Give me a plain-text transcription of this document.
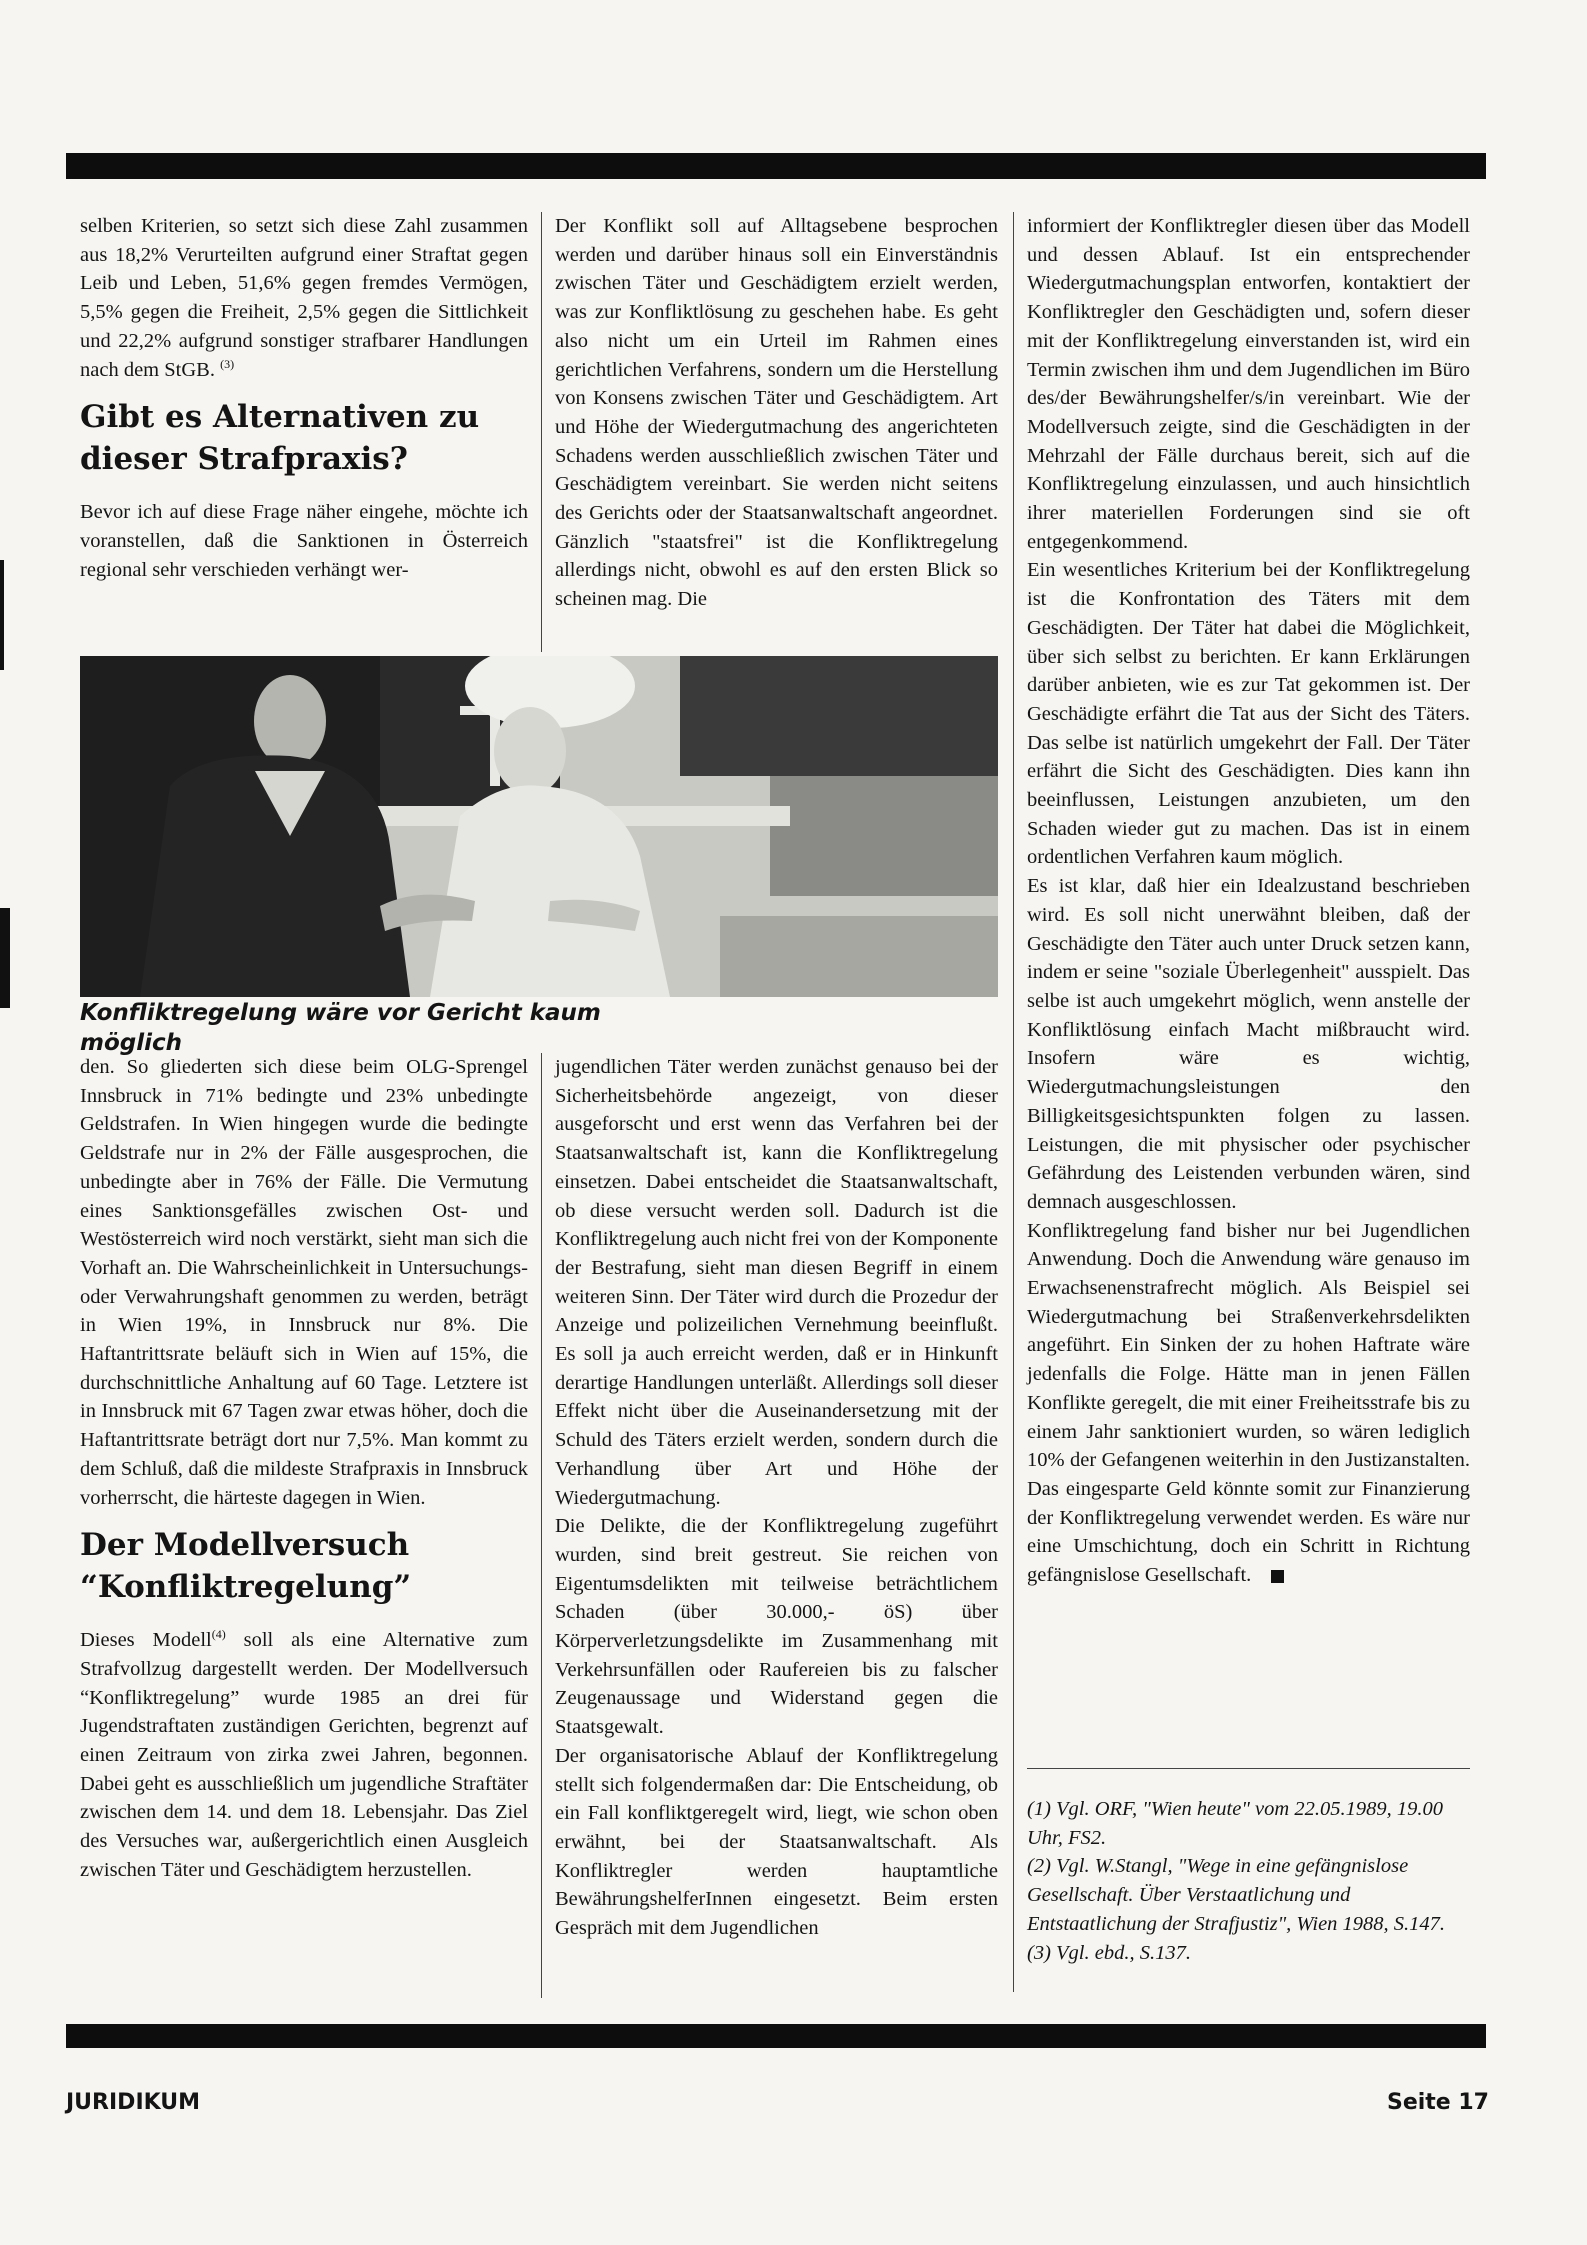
selben Kriterien, so setzt sich diese Zahl zusammen aus 18,2% Verurteilten aufgrund einer Straftat gegen Leib und Leben, 51,6% gegen fremdes Vermögen, 5,5% gegen die Freiheit, 2,5% gegen die Sittlichkeit und 22,2% aufgrund sonstiger strafbarer Handlungen nach dem StGB. $^{(3)}$

Gibt es Alternativen zu dieser Strafpraxis?

Bevor ich auf diese Frage näher eingehe, möchte ich voranstellen, daß die Sanktionen in Österreich regional sehr verschieden verhängt wer-

Der Konflikt soll auf Alltagsebene besprochen werden und darüber hinaus soll ein Einverständnis zwischen Täter und Geschädigtem erzielt werden, was zur Konfliktlösung zu geschehen habe. Es geht also nicht um ein Urteil im Rahmen eines gerichtlichen Verfahrens, sondern um die Herstellung von Konsens zwischen Täter und Geschädigtem. Art und Höhe der Wiedergutmachung des angerichteten Schadens werden ausschließlich zwischen Täter und Geschädigtem vereinbart. Sie werden nicht seitens des Gerichts oder der Staatsanwaltschaft angeordnet. Gänzlich "staatsfrei" ist die Konfliktregelung allerdings nicht, obwohl es auf den ersten Blick so scheinen mag. Die

informiert der Konfliktregler diesen über das Modell und dessen Ablauf. Ist ein entsprechender Wiedergutmachungsplan entworfen, kontaktiert der Konfliktregler den Geschädigten und, sofern dieser mit der Konfliktregelung einverstanden ist, wird ein Termin zwischen ihm und dem Jugendlichen im Büro des/der Bewährungshelfer/s/in vereinbart. Wie der Modellversuch zeigte, sind die Geschädigten in der Mehrzahl der Fälle durchaus bereit, sich auf die Konfliktregelung einzulassen, und auch hinsichtlich ihrer materiellen Forderungen sind sie oft entgegenkommend.

Ein wesentliches Kriterium bei der Konfliktregelung ist die Konfrontation des Täters mit dem Geschädigten. Der Täter hat dabei die Möglichkeit, über sich selbst zu berichten. Er kann Erklärungen darüber anbieten, wie es zur Tat gekommen ist. Der Geschädigte erfährt die Tat aus der Sicht des Täters. Das selbe ist natürlich umgekehrt der Fall. Der Täter erfährt die Sicht des Geschädigten. Dies kann ihn beeinflussen, Leistungen anzubieten, um den Schaden wieder gut zu machen. Das ist in einem ordentlichen Verfahren kaum möglich.

Es ist klar, daß hier ein Idealzustand beschrieben wird. Es soll nicht unerwähnt bleiben, daß der Geschädigte den Täter auch unter Druck setzen kann, indem er seine "soziale Überlegenheit" ausspielt. Das selbe ist auch umgekehrt möglich, wenn anstelle der Konfliktlösung einfach Macht mißbraucht wird. Insofern wäre es wichtig, Wiedergutmachungsleistungen den Billigkeitsgesichtspunkten folgen zu lassen. Leistungen, die mit physischer oder psychischer Gefährdung des Leistenden verbunden wären, sind demnach ausgeschlossen.

Konfliktregelung fand bisher nur bei Jugendlichen Anwendung. Doch die Anwendung wäre genauso im Erwachsenenstrafrecht möglich. Als Beispiel sei Wiedergutmachung bei Straßenverkehrsdelikten angeführt. Ein Sinken der zu hohen Haftrate wäre jedenfalls die Folge. Hätte man in jenen Fällen Konflikte geregelt, die mit einer Freiheitsstrafe bis zu einem Jahr sanktioniert wurden, so wären lediglich 10% der Gefangenen weiterhin in den Justizanstalten. Das eingesparte Geld könnte somit zur Finanzierung der Konfliktregelung verwendet werden. Es wäre nur eine Umschichtung, doch ein Schritt in Richtung gefängnislose Gesellschaft.

Konfliktregelung wäre vor Gericht kaum möglich

den. So gliederten sich diese beim OLG-Sprengel Innsbruck in 71% bedingte und 23% unbedingte Geldstrafen. In Wien hingegen wurde die bedingte Geldstrafe nur in 2% der Fälle ausgesprochen, die unbedingte aber in 76% der Fälle. Die Vermutung eines Sanktionsgefälles zwischen Ost- und Westösterreich wird noch verstärkt, sieht man sich die Vorhaft an. Die Wahrscheinlichkeit in Untersuchungs- oder Verwahrungshaft genommen zu werden, beträgt in Wien 19%, in Innsbruck nur 8%. Die Haftantrittsrate beläuft sich in Wien auf 15%, die durchschnittliche Anhaltung auf 60 Tage. Letztere ist in Innsbruck mit 67 Tagen zwar etwas höher, doch die Haftantrittsrate beträgt dort nur 7,5%. Man kommt zu dem Schluß, daß die mildeste Strafpraxis in Innsbruck vorherrscht, die härteste dagegen in Wien.

Der Modellversuch “Konfliktregelung”

Dieses Modell$^{(4)}$ soll als eine Alternative zum Strafvollzug dargestellt werden. Der Modellversuch “Konfliktregelung” wurde 1985 an drei für Jugendstraftaten zuständigen Gerichten, begrenzt auf einen Zeitraum von zirka zwei Jahren, begonnen. Dabei geht es ausschließlich um jugendliche Straftäter zwischen dem 14. und dem 18. Lebensjahr. Das Ziel des Versuches war, außergerichtlich einen Ausgleich zwischen Täter und Geschädigtem herzustellen.

jugendlichen Täter werden zunächst genauso bei der Sicherheitsbehörde angezeigt, von dieser ausgeforscht und erst wenn das Verfahren bei der Staatsanwaltschaft ist, kann die Konfliktregelung einsetzen. Dabei entscheidet die Staatsanwaltschaft, ob diese versucht werden soll. Dadurch ist die Konfliktregelung auch nicht frei von der Komponente der Bestrafung, sieht man diesen Begriff in einem weiteren Sinn. Der Täter wird durch die Prozedur der Anzeige und polizeilichen Vernehmung beeinflußt. Es soll ja auch erreicht werden, daß er in Hinkunft derartige Handlungen unterläßt. Allerdings soll dieser Effekt nicht über die Auseinandersetzung mit der Schuld des Täters erzielt werden, sondern durch die Verhandlung über Art und Höhe der Wiedergutmachung.

Die Delikte, die der Konfliktregelung zugeführt wurden, sind breit gestreut. Sie reichen von Eigentumsdelikten mit teilweise beträchtlichem Schaden (über 30.000,- öS) über Körperverletzungsdelikte im Zusammenhang mit Verkehrsunfällen oder Raufereien bis zu falscher Zeugenaussage und Widerstand gegen die Staatsgewalt.

Der organisatorische Ablauf der Konfliktregelung stellt sich folgendermaßen dar: Die Entscheidung, ob ein Fall konfliktgeregelt wird, liegt, wie schon oben erwähnt, bei der Staatsanwaltschaft. Als Konfliktregler werden hauptamtliche BewährungshelferInnen eingesetzt. Beim ersten Gespräch mit dem Jugendlichen

(1) Vgl. ORF, "Wien heute" vom 22.05.1989, 19.00 Uhr, FS2.

(2) Vgl. W.Stangl, "Wege in eine gefängnislose Gesellschaft. Über Verstaatlichung und Entstaatlichung der Strafjustiz", Wien 1988, S.147.

(3) Vgl. ebd., S.137.

JURIDIKUM	Seite 17
